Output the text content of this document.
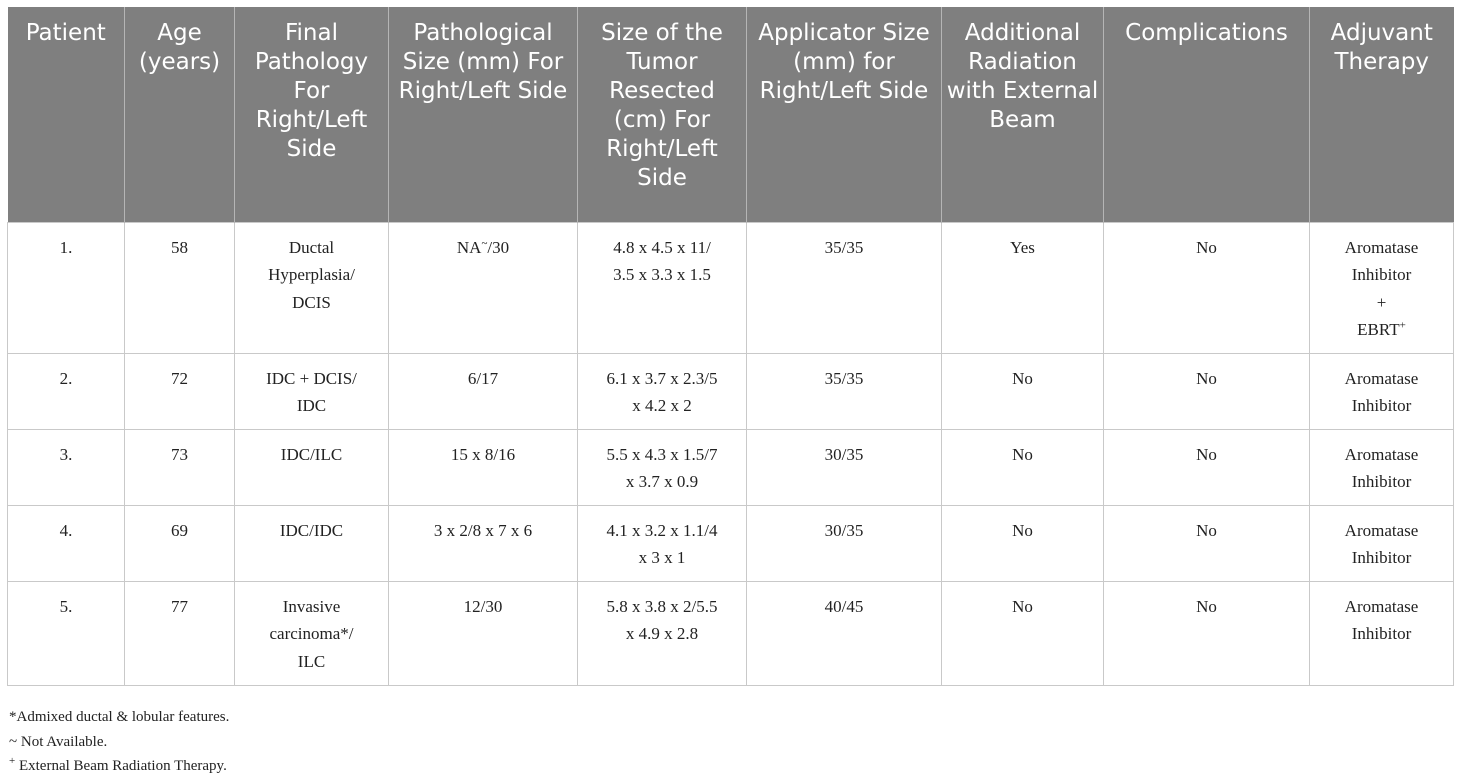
Patient	Age (years)	Final Pathology For Right/Left Side	Pathological Size (mm) For Right/Left Side	Size of the Tumor Resected (cm) For Right/Left Side	Applicator Size (mm) for Right/Left Side	Additional Radiation with External Beam	Complications	Adjuvant Therapy
1.	58	Ductal
Hyperplasia/
DCIS	NA~/30	4.8 x 4.5 x 11/
3.5 x 3.3 x 1.5	35/35	Yes	No	Aromatase
Inhibitor
+
EBRT+
2.	72	IDC + DCIS/
IDC	6/17	6.1 x 3.7 x 2.3/5
x 4.2 x 2	35/35	No	No	Aromatase
Inhibitor
3.	73	IDC/ILC	15 x 8/16	5.5 x 4.3 x 1.5/7
x 3.7 x 0.9	30/35	No	No	Aromatase
Inhibitor
4.	69	IDC/IDC	3 x 2/8 x 7 x 6	4.1 x 3.2 x 1.1/4
x 3 x 1	30/35	No	No	Aromatase
Inhibitor
5.	77	Invasive
carcinoma*/
ILC	12/30	5.8 x 3.8 x 2/5.5
x 4.9 x 2.8	40/45	No	No	Aromatase
Inhibitor
*Admixed ductal & lobular features.
~ Not Available.
+ External Beam Radiation Therapy.
